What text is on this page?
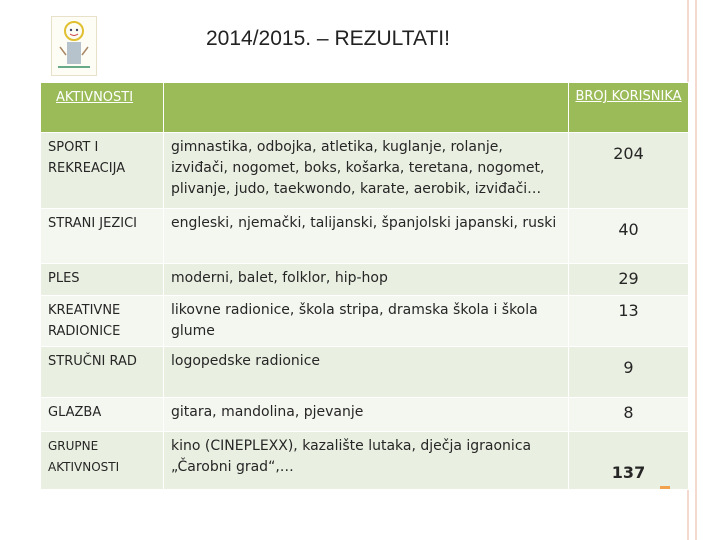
2014/2015. – REZULTATI!
AKTIVNOSTI		BROJ KORISNIKA
SPORT I REKREACIJA	gimnastika, odbojka, atletika, kuglanje, rolanje, izviđači, nogomet, boks, košarka, teretana, nogomet, plivanje, judo, taekwondo, karate, aerobik, izviđači…	204
STRANI JEZICI	engleski, njemački, talijanski, španjolski japanski, ruski	40
PLES	moderni, balet, folklor, hip-hop	29
KREATIVNE RADIONICE	likovne radionice, škola stripa, dramska škola i škola glume	13
STRUČNI RAD	logopedske radionice	9
GLAZBA	gitara, mandolina, pjevanje	8
GRUPNE AKTIVNOSTI	kino (CINEPLEXX), kazalište lutaka, dječja igraonica „Čarobni grad“,…	137
